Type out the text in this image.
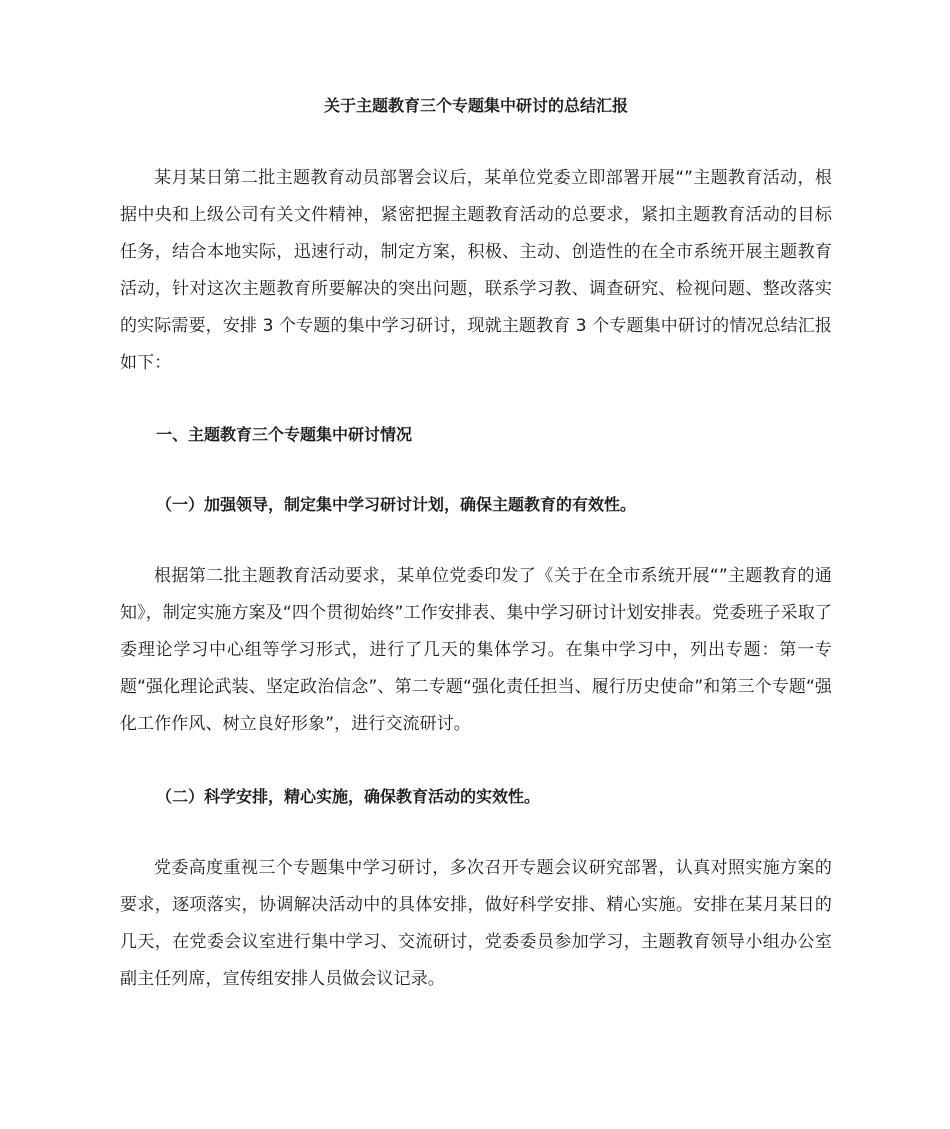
关于主题教育三个专题集中研讨的总结汇报

某月某日第二批主题教育动员部署会议后，某单位党委立即部署开展“”主题教育活动，根据中央和上级公司有关文件精神，紧密把握主题教育活动的总要求，紧扣主题教育活动的目标任务，结合本地实际，迅速行动，制定方案，积极、主动、创造性的在全市系统开展主题教育活动，针对这次主题教育所要解决的突出问题，联系学习教、调查研究、检视问题、整改落实的实际需要，安排 3 个专题的集中学习研讨，现就主题教育 3 个专题集中研讨的情况总结汇报如下：

一、主题教育三个专题集中研讨情况
（一）加强领导，制定集中学习研讨计划，确保主题教育的有效性。

根据第二批主题教育活动要求，某单位党委印发了《关于在全市系统开展“”主题教育的通知》，制定实施方案及“四个贯彻始终”工作安排表、集中学习研讨计划安排表。党委班子采取了委理论学习中心组等学习形式，进行了几天的集体学习。在集中学习中，列出专题：第一专题“强化理论武装、坚定政治信念”、第二专题“强化责任担当、履行历史使命”和第三个专题“强化工作作风、树立良好形象”，进行交流研讨。

（二）科学安排，精心实施，确保教育活动的实效性。

党委高度重视三个专题集中学习研讨，多次召开专题会议研究部署，认真对照实施方案的要求，逐项落实，协调解决活动中的具体安排，做好科学安排、精心实施。安排在某月某日的几天，在党委会议室进行集中学习、交流研讨，党委委员参加学习，主题教育领导小组办公室副主任列席，宣传组安排人员做会议记录。
